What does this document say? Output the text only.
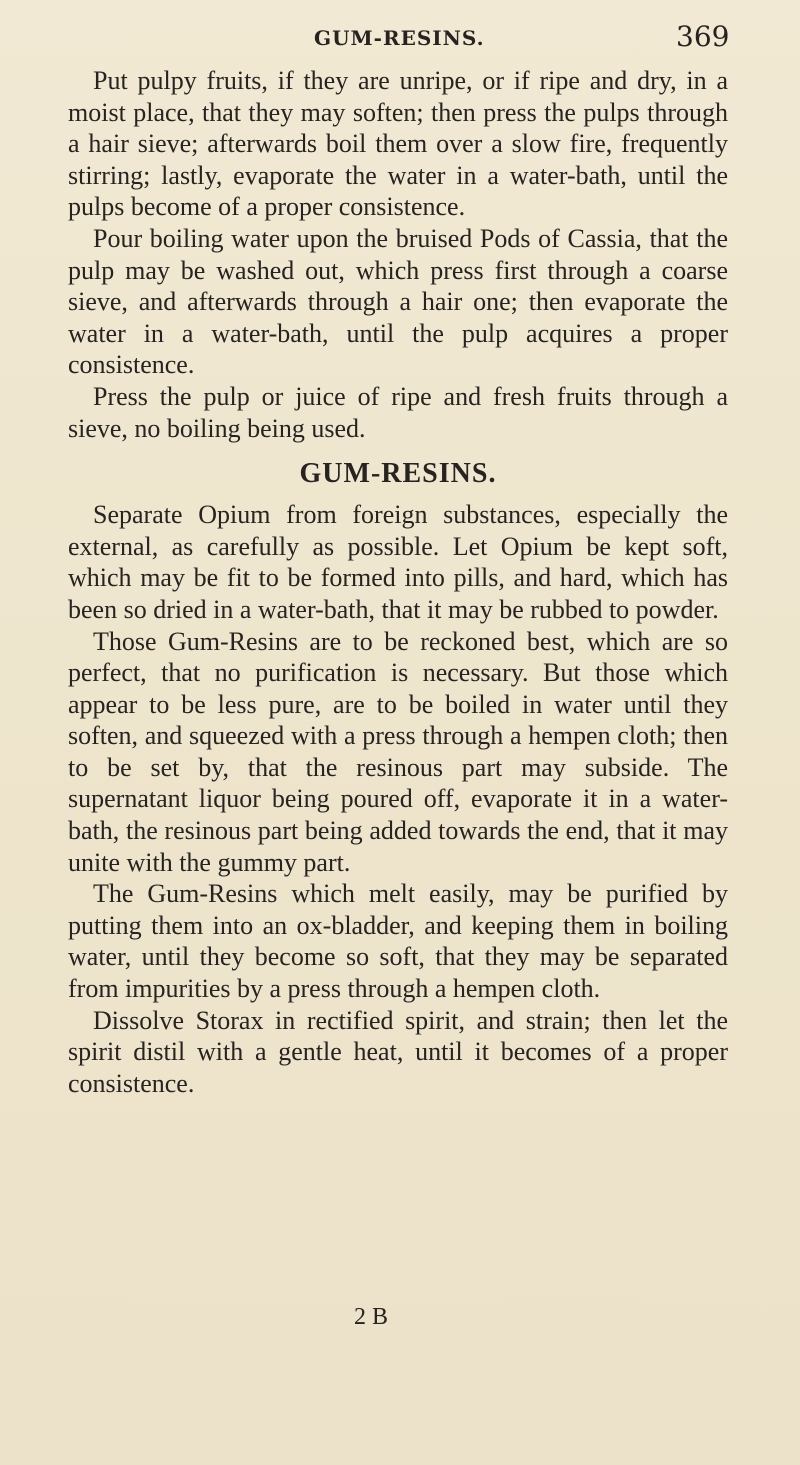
GUM-RESINS.	369

Put pulpy fruits, if they are unripe, or if ripe and dry, in a moist place, that they may soften; then press the pulps through a hair sieve; afterwards boil them over a slow fire, frequently stirring; lastly, evaporate the water in a water-bath, until the pulps become of a proper consistence.

Pour boiling water upon the bruised Pods of Cassia, that the pulp may be washed out, which press first through a coarse sieve, and afterwards through a hair one; then evaporate the water in a water-bath, until the pulp acquires a proper consistence.

Press the pulp or juice of ripe and fresh fruits through a sieve, no boiling being used.

GUM-RESINS.

Separate Opium from foreign substances, especially the external, as carefully as possible. Let Opium be kept soft, which may be fit to be formed into pills, and hard, which has been so dried in a water-bath, that it may be rubbed to powder.

Those Gum-Resins are to be reckoned best, which are so perfect, that no purification is necessary. But those which appear to be less pure, are to be boiled in water until they soften, and squeezed with a press through a hempen cloth; then to be set by, that the resinous part may subside. The supernatant liquor being poured off, evaporate it in a water-bath, the resinous part being added towards the end, that it may unite with the gummy part.

The Gum-Resins which melt easily, may be purified by putting them into an ox-bladder, and keeping them in boiling water, until they become so soft, that they may be separated from impurities by a press through a hempen cloth.

Dissolve Storax in rectified spirit, and strain; then let the spirit distil with a gentle heat, until it becomes of a proper consistence.

2 B
